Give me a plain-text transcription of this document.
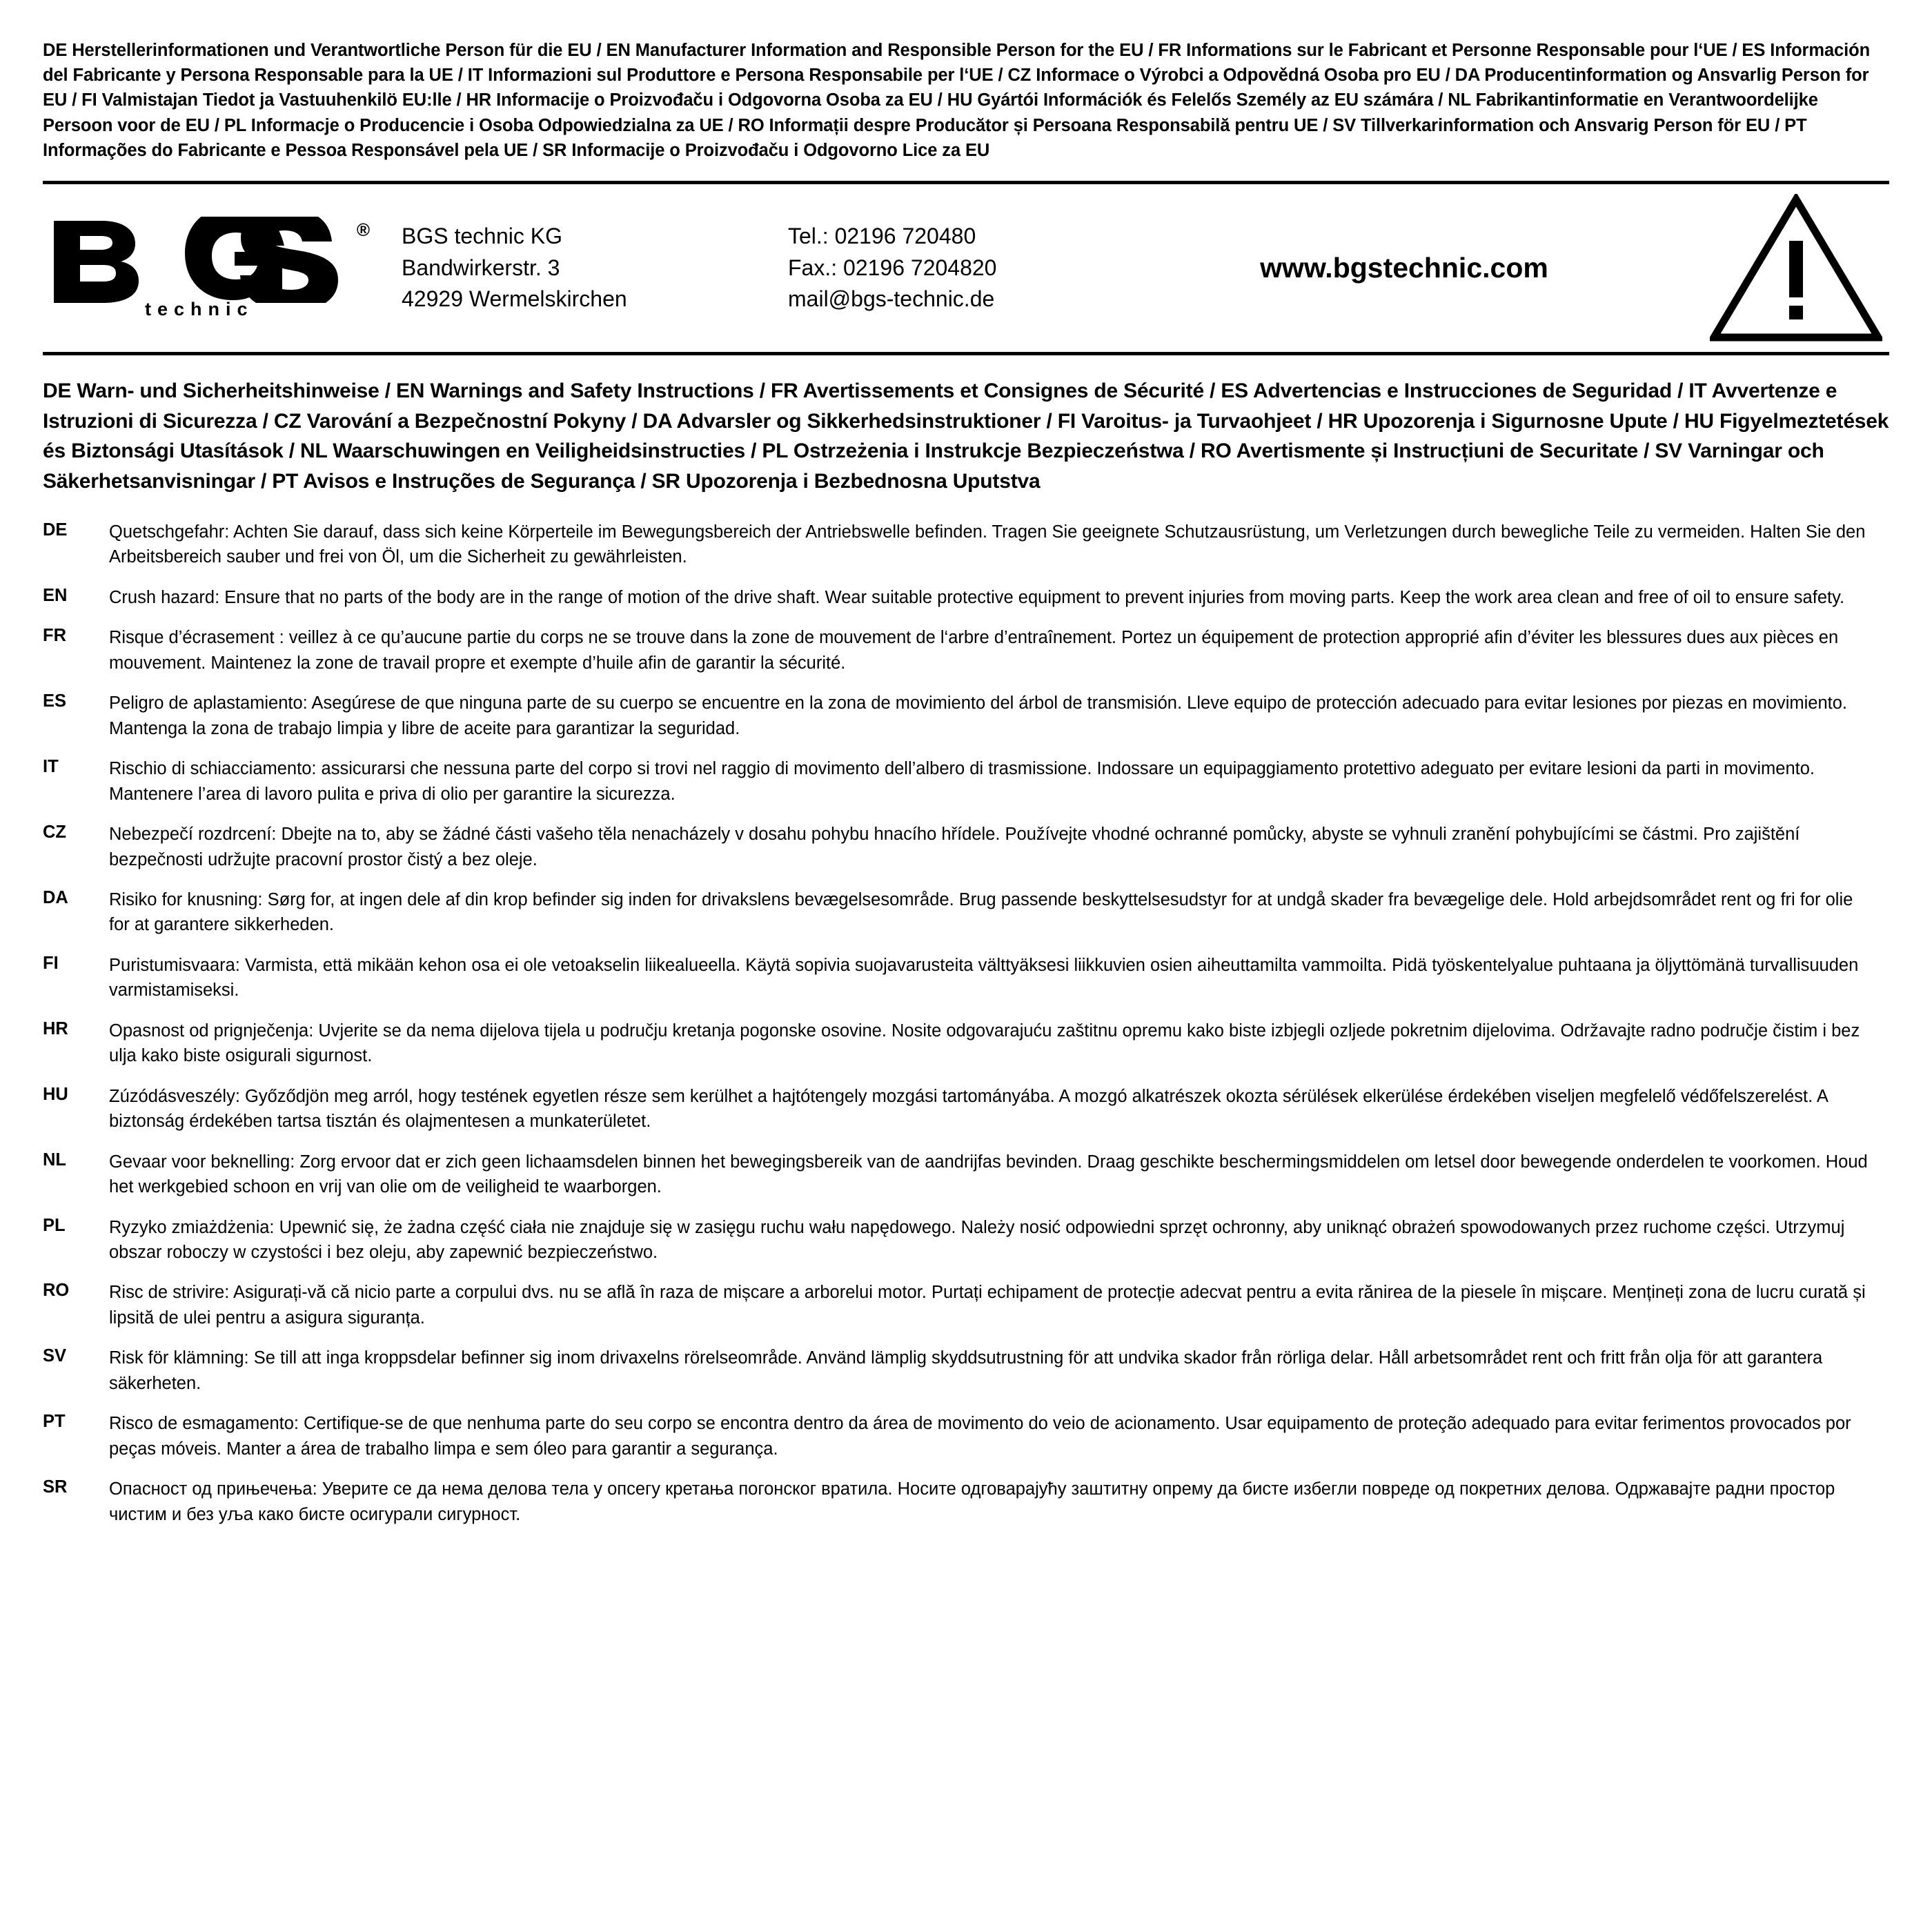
DE Herstellerinformationen und Verantwortliche Person für die EU / EN Manufacturer Information and Responsible Person for the EU / FR Informations sur le Fabricant et Personne Responsable pour l‘UE / ES Información del Fabricante y Persona Responsable para la UE / IT Informazioni sul Produttore e Persona Responsabile per l‘UE / CZ Informace o Výrobci a Odpovědná Osoba pro EU / DA Producentinformation og Ansvarlig Person for EU / FI Valmistajan Tiedot ja Vastuuhenkilö EU:lle / HR Informacije o Proizvođaču i Odgovorna Osoba za EU / HU Gyártói Információk és Felelős Személy az EU számára / NL Fabrikantinformatie en Verantwoordelijke Persoon voor de EU / PL Informacje o Producencie i Osoba Odpowiedzialna za UE / RO Informații despre Producător și Persoana Responsabilă pentru UE / SV Tillverkarinformation och Ansvarig Person för EU / PT Informações do Fabricante e Pessoa Responsável pela UE / SR Informacije o Proizvođaču i Odgovorno Lice za EU
®
technic
BGS technic KG
Bandwirkerstr. 3
42929 Wermelskirchen
Tel.: 02196 720480
Fax.: 02196 7204820
mail@bgs-technic.de
www.bgstechnic.com
DE Warn- und Sicherheitshinweise / EN Warnings and Safety Instructions / FR Avertissements et Consignes de Sécurité / ES Advertencias e Instrucciones de Seguridad / IT Avvertenze e Istruzioni di Sicurezza / CZ Varování a Bezpečnostní Pokyny / DA Advarsler og Sikkerhedsinstruktioner / FI Varoitus- ja Turvaohjeet / HR Upozorenja i Sigurnosne Upute / HU Figyelmeztetések és Biztonsági Utasítások / NL Waarschuwingen en Veiligheidsinstructies / PL Ostrzeżenia i Instrukcje Bezpieczeństwa / RO Avertismente și Instrucțiuni de Securitate / SV Varningar och Säkerhetsanvisningar / PT Avisos e Instruções de Segurança / SR Upozorenja i Bezbednosna Uputstva
DE	Quetschgefahr: Achten Sie darauf, dass sich keine Körperteile im Bewegungsbereich der Antriebswelle befinden. Tragen Sie geeignete Schutzausrüstung, um Verletzungen durch bewegliche Teile zu vermeiden. Halten Sie den Arbeitsbereich sauber und frei von Öl, um die Sicherheit zu gewährleisten.
EN	Crush hazard: Ensure that no parts of the body are in the range of motion of the drive shaft. Wear suitable protective equipment to prevent injuries from moving parts. Keep the work area clean and free of oil to ensure safety.
FR	Risque d’écrasement : veillez à ce qu’aucune partie du corps ne se trouve dans la zone de mouvement de l‘arbre d’entraînement. Portez un équipement de protection approprié afin d’éviter les blessures dues aux pièces en mouvement. Maintenez la zone de travail propre et exempte d’huile afin de garantir la sécurité.
ES	Peligro de aplastamiento: Asegúrese de que ninguna parte de su cuerpo se encuentre en la zona de movimiento del árbol de transmisión. Lleve equipo de protección adecuado para evitar lesiones por piezas en movimiento. Mantenga la zona de trabajo limpia y libre de aceite para garantizar la seguridad.
IT	Rischio di schiacciamento: assicurarsi che nessuna parte del corpo si trovi nel raggio di movimento dell’albero di trasmissione. Indossare un equipaggiamento protettivo adeguato per evitare lesioni da parti in movimento. Mantenere l’area di lavoro pulita e priva di olio per garantire la sicurezza.
CZ	Nebezpečí rozdrcení: Dbejte na to, aby se žádné části vašeho těla nenacházely v dosahu pohybu hnacího hřídele. Používejte vhodné ochranné pomůcky, abyste se vyhnuli zranění pohybujícími se částmi. Pro zajištění bezpečnosti udržujte pracovní prostor čistý a bez oleje.
DA	Risiko for knusning: Sørg for, at ingen dele af din krop befinder sig inden for drivakslens bevægelsesområde. Brug passende beskyttelsesudstyr for at undgå skader fra bevægelige dele. Hold arbejdsområdet rent og fri for olie for at garantere sikkerheden.
FI	Puristumisvaara: Varmista, että mikään kehon osa ei ole vetoakselin liikealueella. Käytä sopivia suojavarusteita välttyäksesi liikkuvien osien aiheuttamilta vammoilta. Pidä työskentelyalue puhtaana ja öljyttömänä turvallisuuden varmistamiseksi.
HR	Opasnost od prignječenja: Uvjerite se da nema dijelova tijela u području kretanja pogonske osovine. Nosite odgovarajuću zaštitnu opremu kako biste izbjegli ozljede pokretnim dijelovima. Održavajte radno područje čistim i bez ulja kako biste osigurali sigurnost.
HU	Zúzódásveszély: Győződjön meg arról, hogy testének egyetlen része sem kerülhet a hajtótengely mozgási tartományába. A mozgó alkatrészek okozta sérülések elkerülése érdekében viseljen megfelelő védőfelszerelést. A biztonság érdekében tartsa tisztán és olajmentesen a munkaterületet.
NL	Gevaar voor beknelling: Zorg ervoor dat er zich geen lichaamsdelen binnen het bewegingsbereik van de aandrijfas bevinden. Draag geschikte beschermingsmiddelen om letsel door bewegende onderdelen te voorkomen. Houd het werkgebied schoon en vrij van olie om de veiligheid te waarborgen.
PL	Ryzyko zmiażdżenia: Upewnić się, że żadna część ciała nie znajduje się w zasięgu ruchu wału napędowego. Należy nosić odpowiedni sprzęt ochronny, aby uniknąć obrażeń spowodowanych przez ruchome części. Utrzymuj obszar roboczy w czystości i bez oleju, aby zapewnić bezpieczeństwo.
RO	Risc de strivire: Asigurați-vă că nicio parte a corpului dvs. nu se află în raza de mișcare a arborelui motor. Purtați echipament de protecție adecvat pentru a evita rănirea de la piesele în mișcare. Mențineți zona de lucru curată și lipsită de ulei pentru a asigura siguranța.
SV	Risk för klämning: Se till att inga kroppsdelar befinner sig inom drivaxelns rörelseområde. Använd lämplig skyddsutrustning för att undvika skador från rörliga delar. Håll arbetsområdet rent och fritt från olja för att garantera säkerheten.
PT	Risco de esmagamento: Certifique-se de que nenhuma parte do seu corpo se encontra dentro da área de movimento do veio de acionamento. Usar equipamento de proteção adequado para evitar ferimentos provocados por peças móveis. Manter a área de trabalho limpa e sem óleo para garantir a segurança.
SR	Опасност од прињечења: Уверите се да нема делова тела у опсегу кретања погонског вратила. Носите одговарајућу заштитну опрему да бисте избегли повреде од покретних делова. Одржавајте радни простор чистим и без уља како бисте осигурали сигурност.
